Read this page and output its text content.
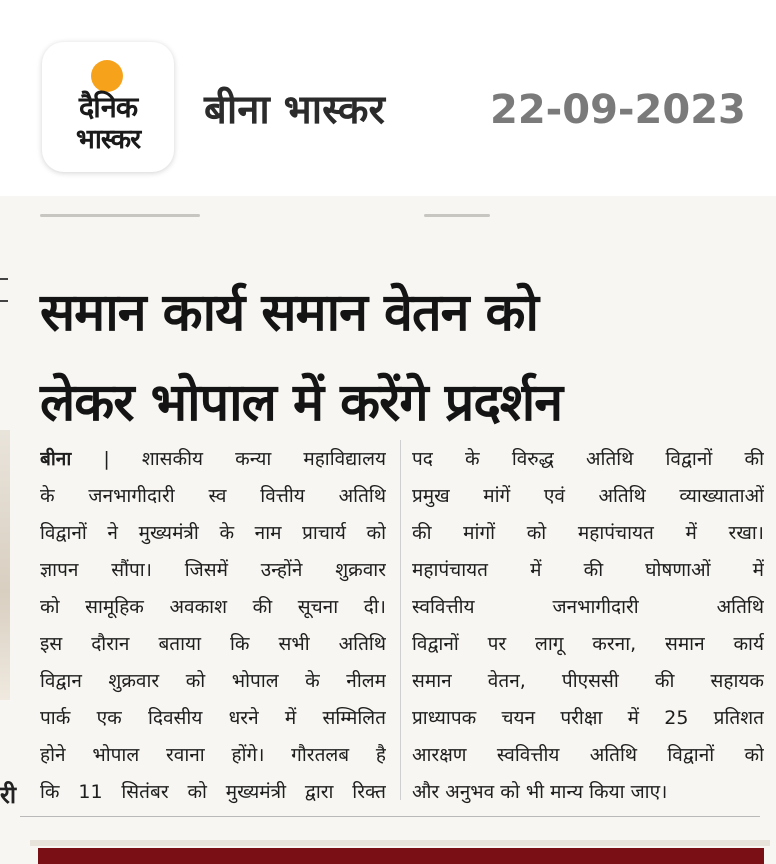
दैनिक
भास्कर
बीना भास्कर	22-09-2023
री
समान कार्य समान वेतन को
लेकर भोपाल में करेंगे प्रदर्शन
बीना | शासकीय कन्या महाविद्यालय
के जनभागीदारी स्व वित्तीय अतिथि
विद्वानों ने मुख्यमंत्री के नाम प्राचार्य को
ज्ञापन सौंपा। जिसमें उन्होंने शुक्रवार
को सामूहिक अवकाश की सूचना दी।
इस दौरान बताया कि सभी अतिथि
विद्वान शुक्रवार को भोपाल के नीलम
पार्क एक दिवसीय धरने में सम्मिलित
होने भोपाल रवाना होंगे। गौरतलब है
कि 11 सितंबर को मुख्यमंत्री द्वारा रिक्त
पद के विरुद्ध अतिथि विद्वानों की
प्रमुख मांगें एवं अतिथि व्याख्याताओं
की मांगों को महापंचायत में रखा।
महापंचायत में की घोषणाओं में
स्ववित्तीय जनभागीदारी अतिथि
विद्वानों पर लागू करना, समान कार्य
समान वेतन, पीएससी की सहायक
प्राध्यापक चयन परीक्षा में 25 प्रतिशत
आरक्षण स्ववित्तीय अतिथि विद्वानों को
और अनुभव को भी मान्य किया जाए।
